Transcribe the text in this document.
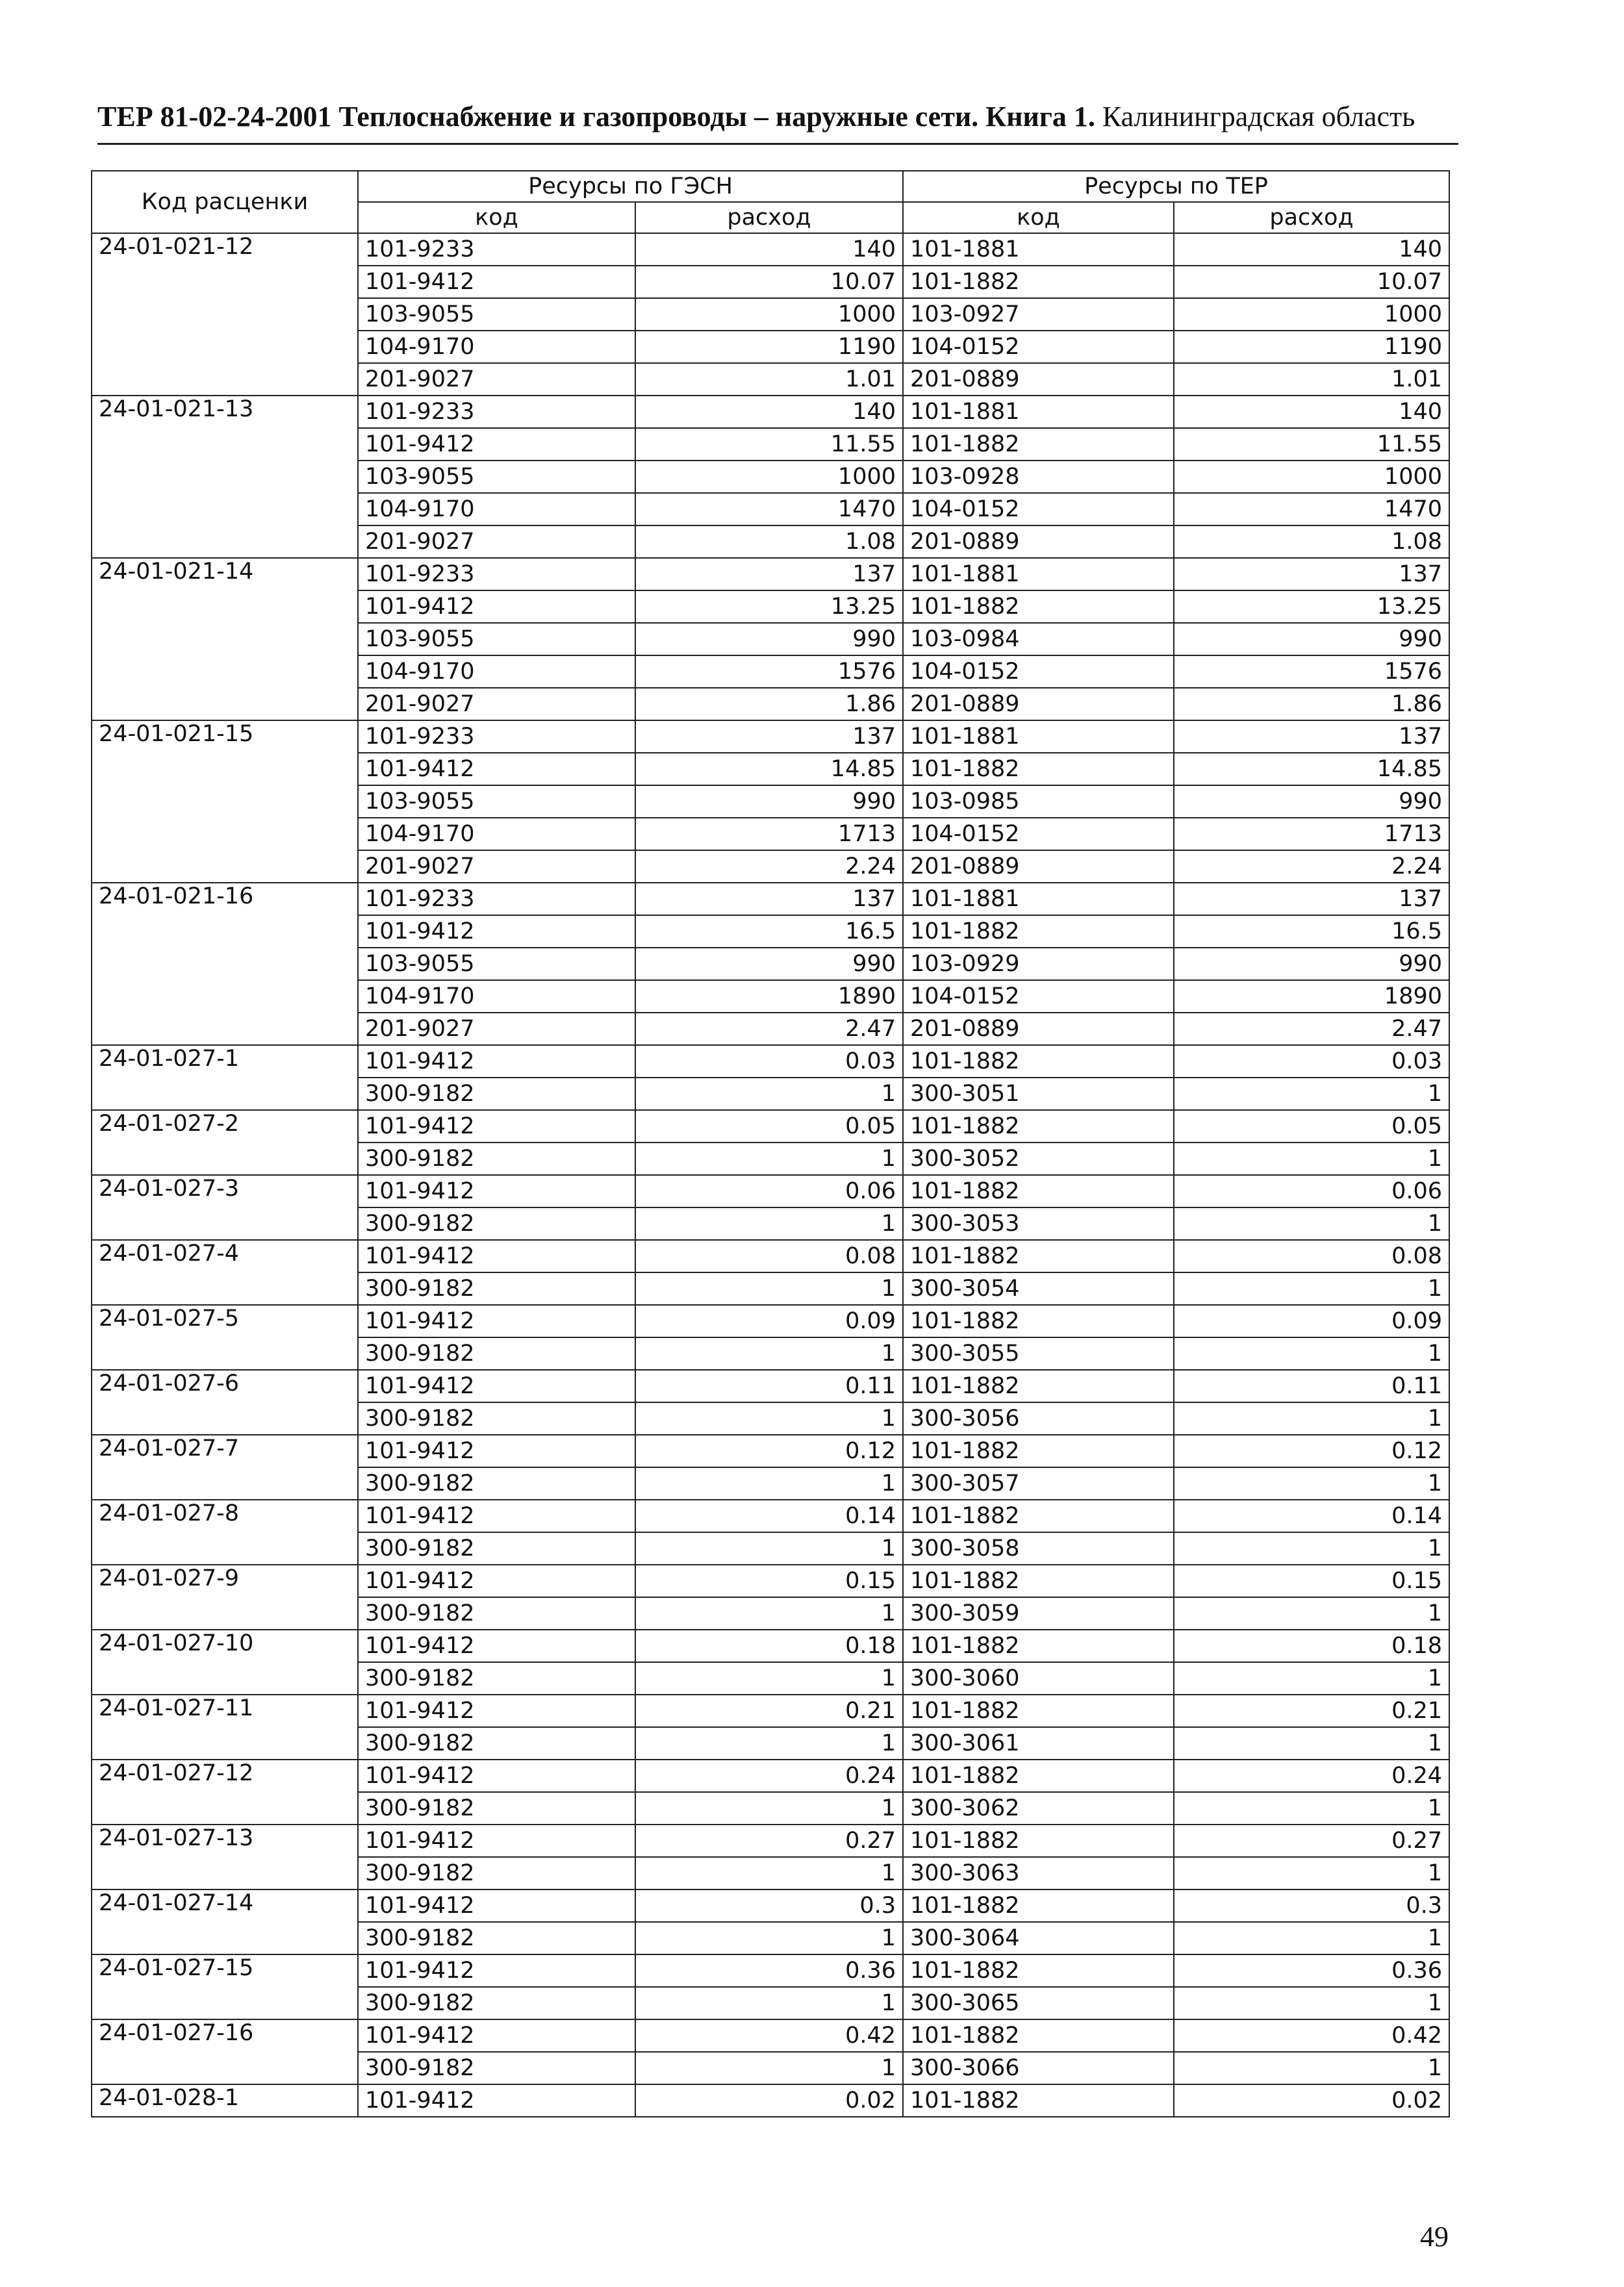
ТЕР 81-02-24-2001 Теплоснабжение и газопроводы – наружные сети. Книга 1. Калининградская область
Код расценки	Ресурсы по ГЭСН		Ресурсы по ТЕР	
	код	расход	код	расход
24-01-021-12	101-9233	140	101-1881	140
	101-9412	10.07	101-1882	10.07
	103-9055	1000	103-0927	1000
	104-9170	1190	104-0152	1190
	201-9027	1.01	201-0889	1.01
24-01-021-13	101-9233	140	101-1881	140
	101-9412	11.55	101-1882	11.55
	103-9055	1000	103-0928	1000
	104-9170	1470	104-0152	1470
	201-9027	1.08	201-0889	1.08
24-01-021-14	101-9233	137	101-1881	137
	101-9412	13.25	101-1882	13.25
	103-9055	990	103-0984	990
	104-9170	1576	104-0152	1576
	201-9027	1.86	201-0889	1.86
24-01-021-15	101-9233	137	101-1881	137
	101-9412	14.85	101-1882	14.85
	103-9055	990	103-0985	990
	104-9170	1713	104-0152	1713
	201-9027	2.24	201-0889	2.24
24-01-021-16	101-9233	137	101-1881	137
	101-9412	16.5	101-1882	16.5
	103-9055	990	103-0929	990
	104-9170	1890	104-0152	1890
	201-9027	2.47	201-0889	2.47
24-01-027-1	101-9412	0.03	101-1882	0.03
	300-9182	1	300-3051	1
24-01-027-2	101-9412	0.05	101-1882	0.05
	300-9182	1	300-3052	1
24-01-027-3	101-9412	0.06	101-1882	0.06
	300-9182	1	300-3053	1
24-01-027-4	101-9412	0.08	101-1882	0.08
	300-9182	1	300-3054	1
24-01-027-5	101-9412	0.09	101-1882	0.09
	300-9182	1	300-3055	1
24-01-027-6	101-9412	0.11	101-1882	0.11
	300-9182	1	300-3056	1
24-01-027-7	101-9412	0.12	101-1882	0.12
	300-9182	1	300-3057	1
24-01-027-8	101-9412	0.14	101-1882	0.14
	300-9182	1	300-3058	1
24-01-027-9	101-9412	0.15	101-1882	0.15
	300-9182	1	300-3059	1
24-01-027-10	101-9412	0.18	101-1882	0.18
	300-9182	1	300-3060	1
24-01-027-11	101-9412	0.21	101-1882	0.21
	300-9182	1	300-3061	1
24-01-027-12	101-9412	0.24	101-1882	0.24
	300-9182	1	300-3062	1
24-01-027-13	101-9412	0.27	101-1882	0.27
	300-9182	1	300-3063	1
24-01-027-14	101-9412	0.3	101-1882	0.3
	300-9182	1	300-3064	1
24-01-027-15	101-9412	0.36	101-1882	0.36
	300-9182	1	300-3065	1
24-01-027-16	101-9412	0.42	101-1882	0.42
	300-9182	1	300-3066	1
24-01-028-1	101-9412	0.02	101-1882	0.02
49
